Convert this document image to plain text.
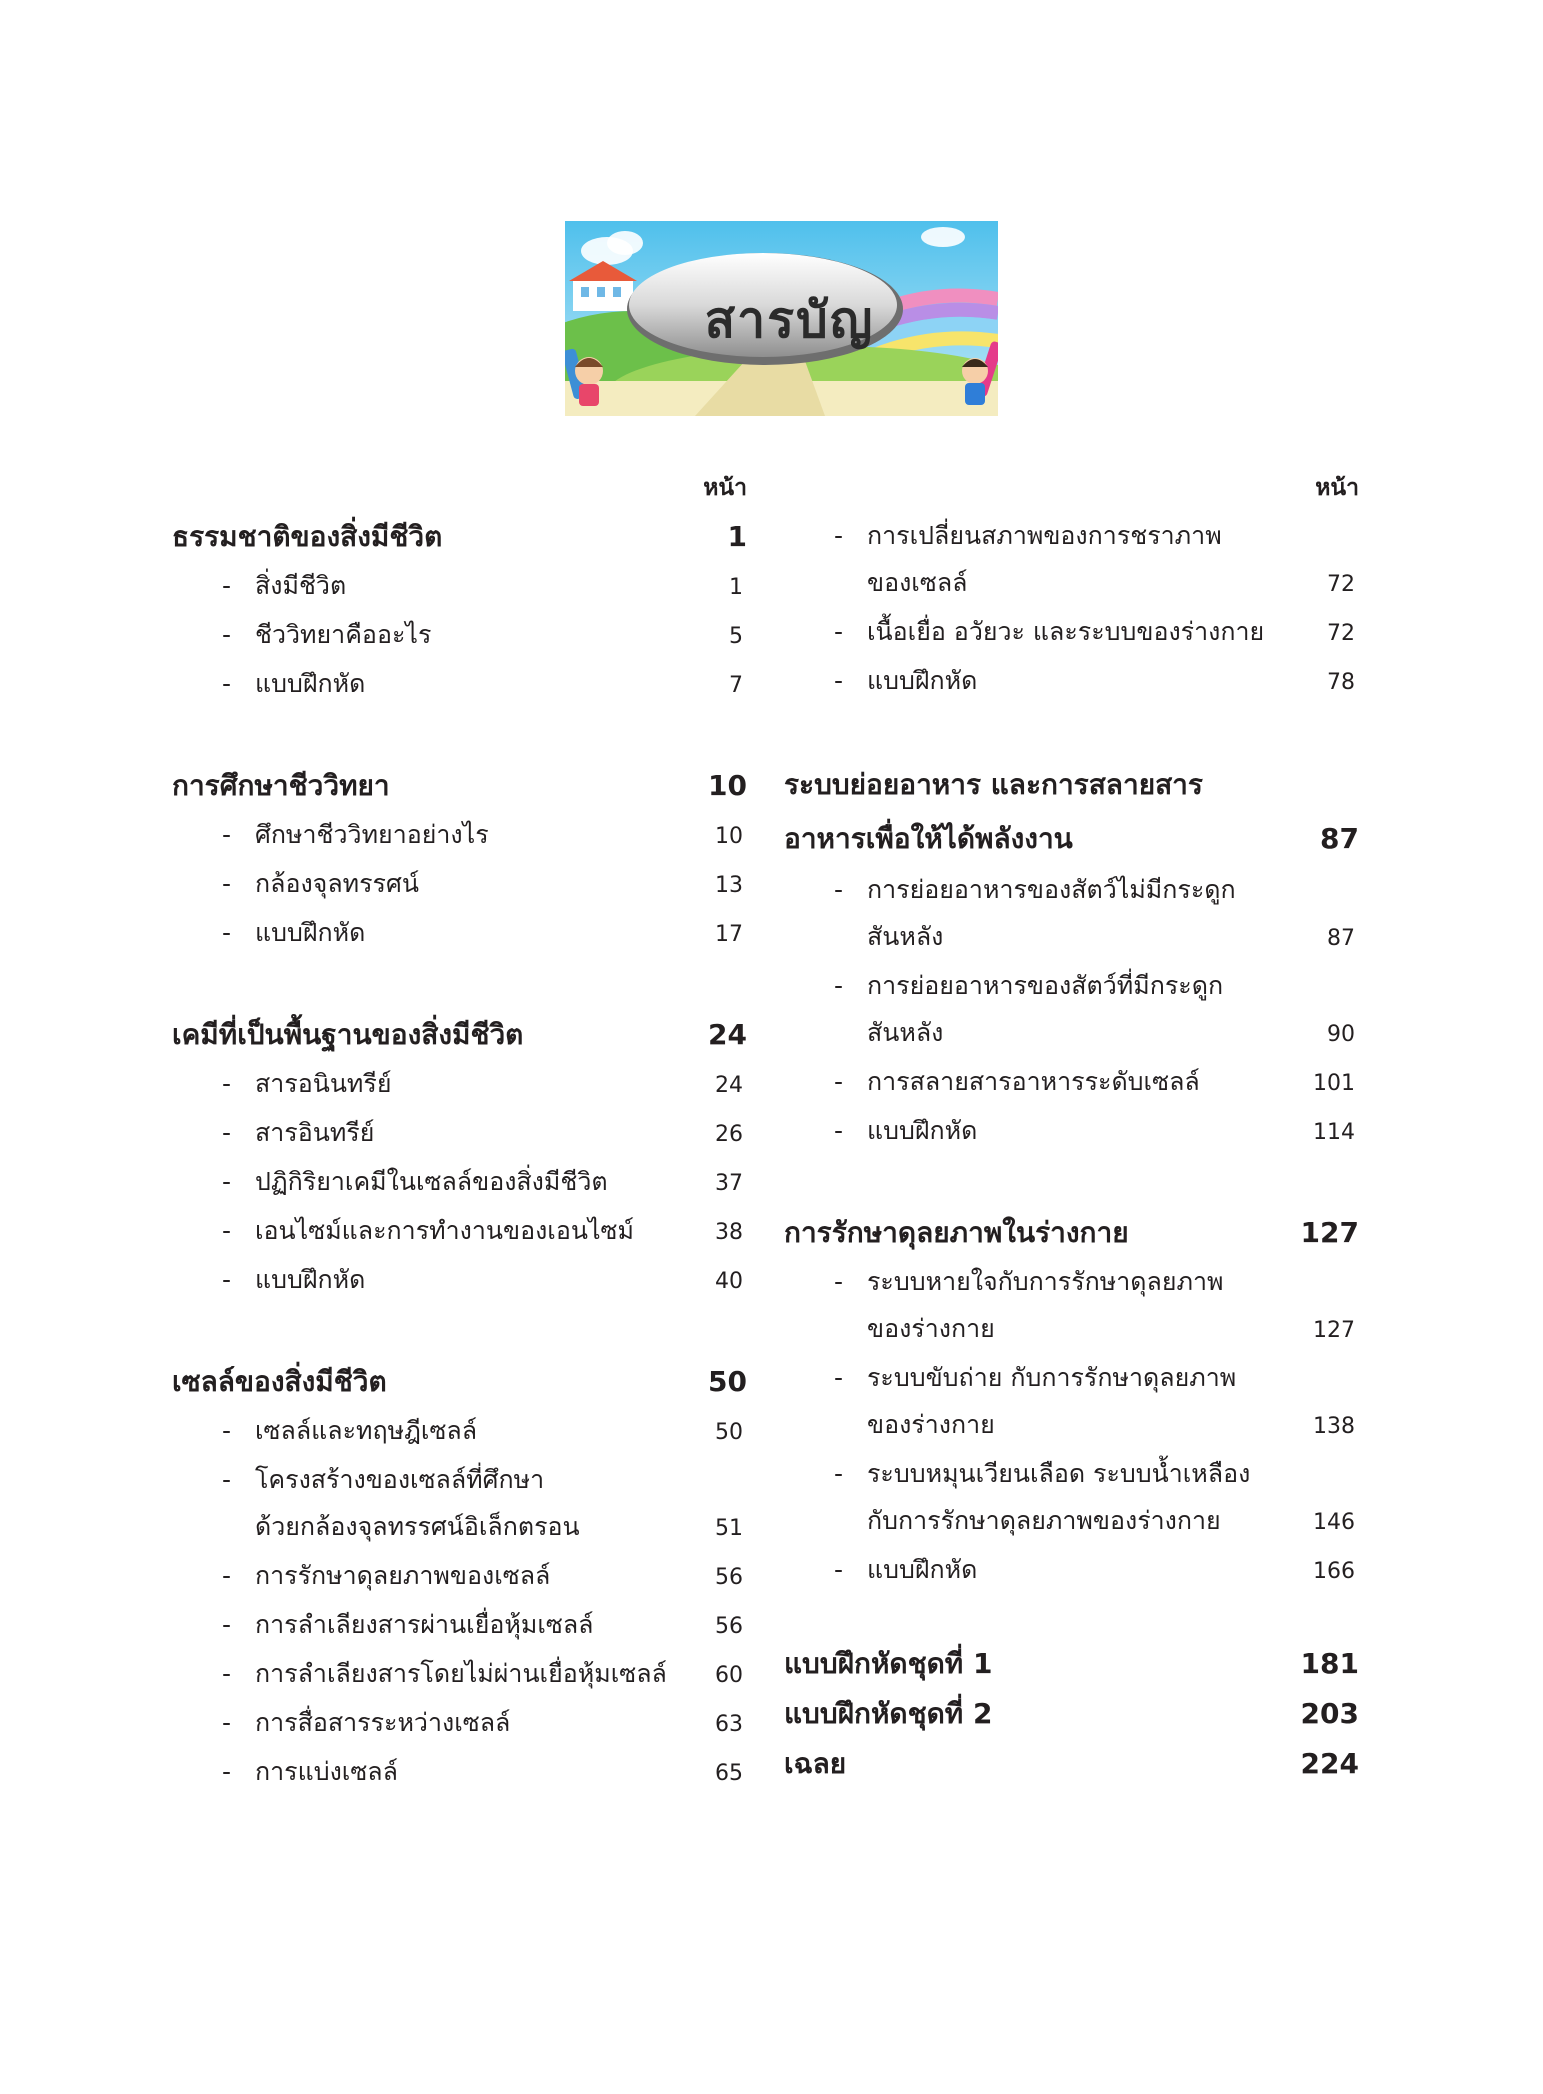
สารบัญ
หน้า
ธรรมชาติของสิ่งมีชีวิต	1
- สิ่งมีชีวิต	1
- ชีววิทยาคืออะไร	5
- แบบฝึกหัด	7
การศึกษาชีววิทยา	10
- ศึกษาชีววิทยาอย่างไร	10
- กล้องจุลทรรศน์	13
- แบบฝึกหัด	17
เคมีที่เป็นพื้นฐานของสิ่งมีชีวิต	24
- สารอนินทรีย์	24
- สารอินทรีย์	26
- ปฏิกิริยาเคมีในเซลล์ของสิ่งมีชีวิต	37
- เอนไซม์และการทำงานของเอนไซม์	38
- แบบฝึกหัด	40
เซลล์ของสิ่งมีชีวิต	50
- เซลล์และทฤษฎีเซลล์	50
- โครงสร้างของเซลล์ที่ศึกษา
ด้วยกล้องจุลทรรศน์อิเล็กตรอน	51
- การรักษาดุลยภาพของเซลล์	56
- การลำเลียงสารผ่านเยื่อหุ้มเซลล์	56
- การลำเลียงสารโดยไม่ผ่านเยื่อหุ้มเซลล์ 60
- การสื่อสารระหว่างเซลล์	63
- การแบ่งเซลล์	65
หน้า
- การเปลี่ยนสภาพของการชราภาพ
ของเซลล์	72
- เนื้อเยื่อ อวัยวะ และระบบของร่างกาย	72
- แบบฝึกหัด	78
ระบบย่อยอาหาร และการสลายสาร
อาหารเพื่อให้ได้พลังงาน	87
- การย่อยอาหารของสัตว์ไม่มีกระดูก
สันหลัง	87
- การย่อยอาหารของสัตว์ที่มีกระดูก
สันหลัง	90
- การสลายสารอาหารระดับเซลล์	101
- แบบฝึกหัด	114
การรักษาดุลยภาพในร่างกาย	127
- ระบบหายใจกับการรักษาดุลยภาพ
ของร่างกาย	127
- ระบบขับถ่าย กับการรักษาดุลยภาพ
ของร่างกาย	138
- ระบบหมุนเวียนเลือด ระบบน้ำเหลือง
กับการรักษาดุลยภาพของร่างกาย	146
- แบบฝึกหัด	166
แบบฝึกหัดชุดที่ 1	181
แบบฝึกหัดชุดที่ 2	203
เฉลย	224
